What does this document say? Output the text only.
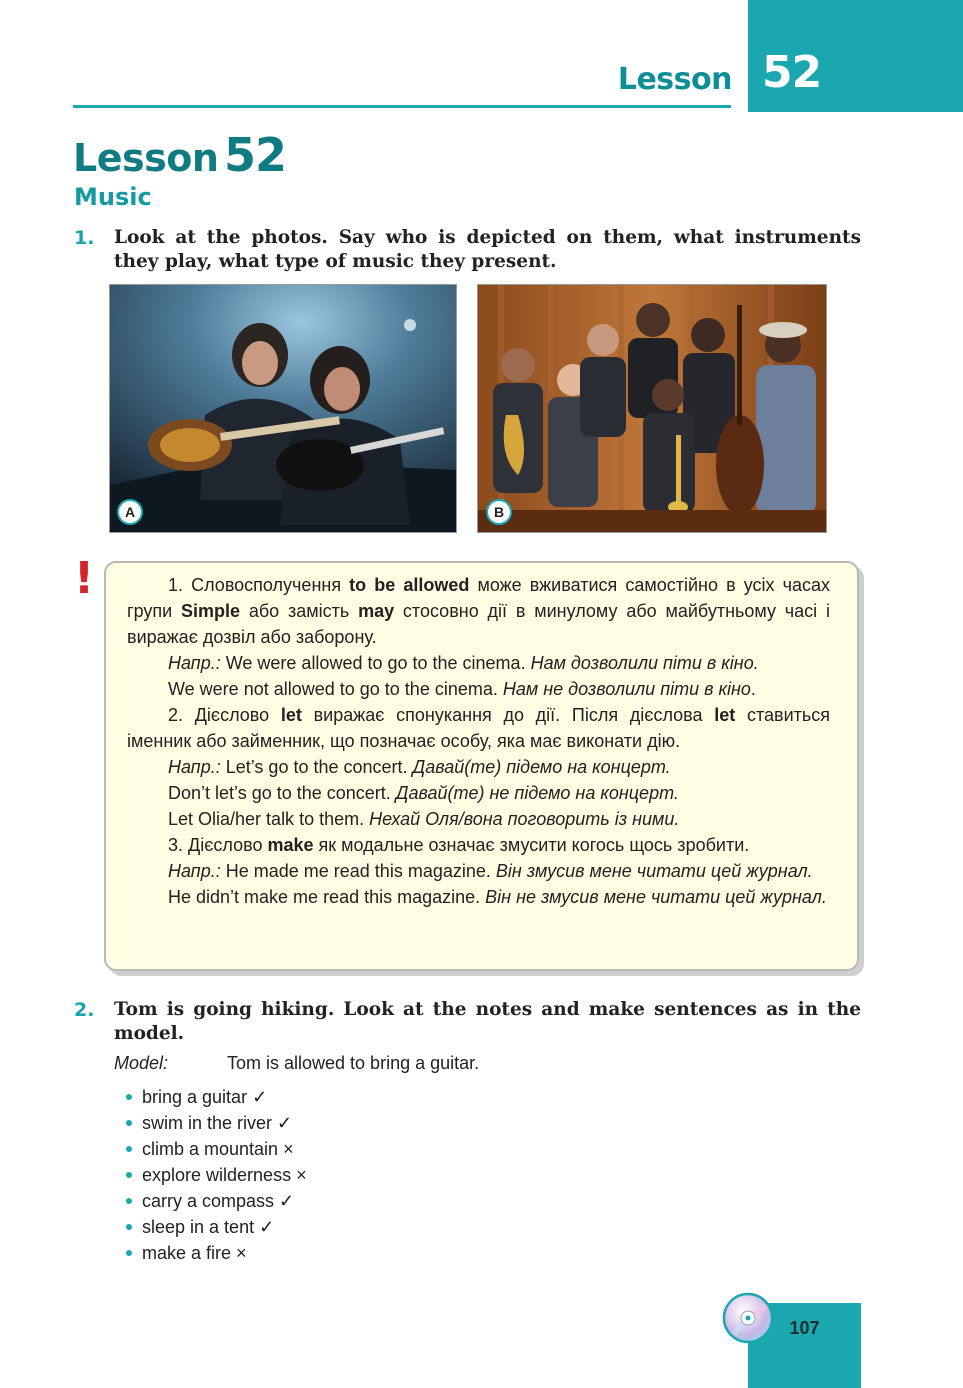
Lesson 52
Lesson 52
Music
1. Look at the photos. Say who is depicted on them, what instruments they play, what type of music they present.
A	B
!	1. Словосполучення to be allowed може вживатися самостійно в усіх часах групи Simple або замість may стосовно дії в минулому або майбутньому часі і виражає дозвіл або заборону.

Напр.: We were allowed to go to the cinema. Нам дозволили піти в кіно.

We were not allowed to go to the cinema. Нам не дозволили піти в кіно.

2. Дієслово let виражає спонукання до дії. Після дієслова let ставиться іменник або займенник, що позначає особу, яка має виконати дію.

Напр.: Let’s go to the concert. Давай(те) підемо на концерт.

Don’t let’s go to the concert. Давай(те) не підемо на концерт.

Let Olia/her talk to them. Нехай Оля/вона поговорить із ними.

3. Дієслово make як модальне означає змусити когось щось зробити.

Напр.: He made me read this magazine. Він змусив мене читати цей журнал.

He didn’t make me read this magazine. Він не змусив мене читати цей журнал.

2. Tom is going hiking. Look at the notes and make sentences as in the model.
Model:	Tom is allowed to bring a guitar.
bring a guitar ✓
swim in the river ✓
climb a mountain ×
explore wilderness ×
carry a compass ✓
sleep in a tent ✓
make a fire ×
107
